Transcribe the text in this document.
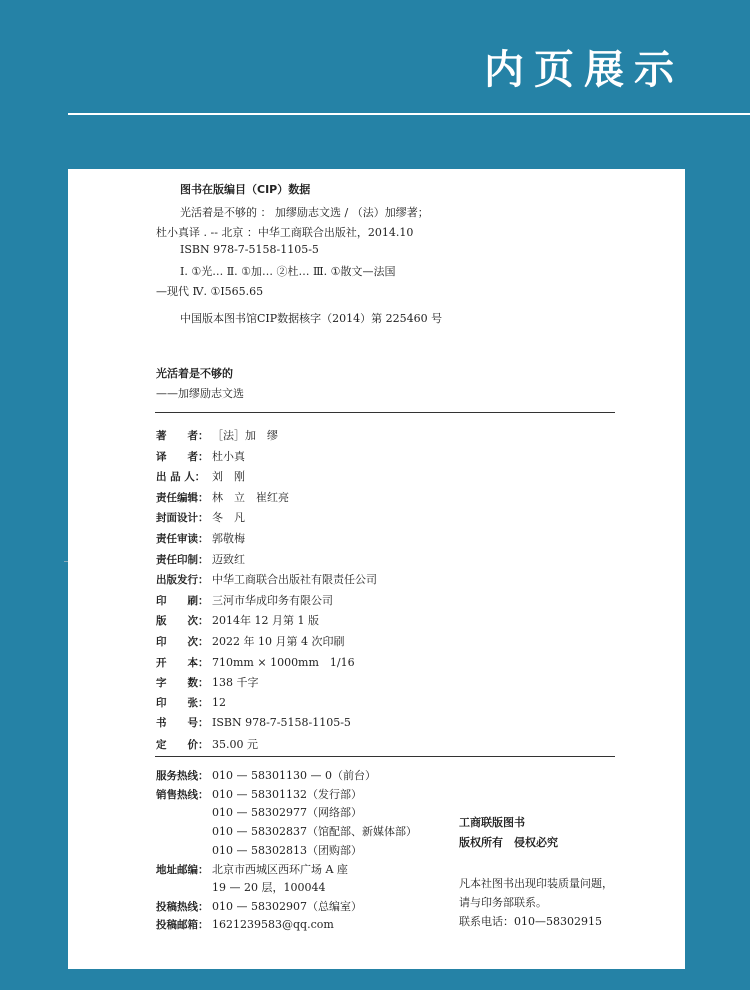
内页展示
图书在版编目（CIP）数据
光活着是不够的 ： 加缪励志文选 / （法）加缪著；
杜小真译 . -- 北京 ：中华工商联合出版社，2014.10
ISBN 978-7-5158-1105-5
Ⅰ. ①光… Ⅱ. ①加… ②杜… Ⅲ. ①散文—法国
—现代 Ⅳ. ①I565.65
中国版本图书馆CIP数据核字（2014）第 225460 号
光活着是不够的
——加缪励志文选
工商联版图书
版权所有　侵权必究
凡本社图书出现印装质量问题，
请与印务部联系。
联系电话：010—58302915
著　　者： ［法］加　缪
译　　者： 杜小真
出 品 人： 刘　刚
责任编辑： 林　立　崔红亮
封面设计： 冬　凡
责任审读： 郭敬梅
责任印制： 迈致红
出版发行： 中华工商联合出版社有限责任公司
印　　刷： 三河市华成印务有限公司
版　　次： 2014年 12 月第 1 版
印　　次： 2022 年 10 月第 4 次印刷
开　　本： 710mm × 1000mm　1/16
字　　数： 138 千字
印　　张： 12
书　　号： ISBN 978-7-5158-1105-5
定　　价： 35.00 元
服务热线： 010 — 58301130 — 0（前台）
销售热线： 010 — 58301132（发行部）
010 — 58302977（网络部）
010 — 58302837（馆配部、新媒体部）
010 — 58302813（团购部）
地址邮编： 北京市西城区西环广场 A 座
19 — 20 层，100044
投稿热线： 010 — 58302907（总编室）
投稿邮箱： 1621239583@qq.com
